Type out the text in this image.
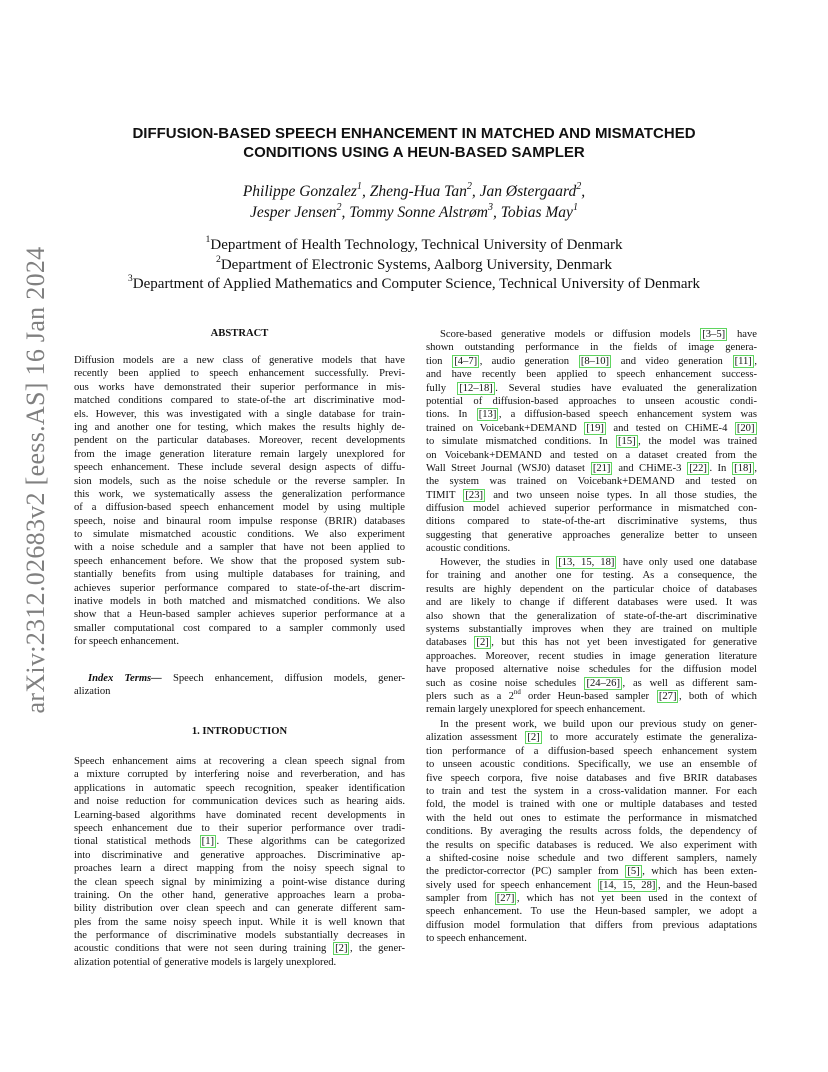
arXiv:2312.02683v2 [eess.AS] 16 Jan 2024
DIFFUSION-BASED SPEECH ENHANCEMENT IN MATCHED AND MISMATCHED
CONDITIONS USING A HEUN-BASED SAMPLER
Philippe Gonzalez$^1$, Zheng-Hua Tan$^2$, Jan Østergaard$^2$,
Jesper Jensen$^2$, Tommy Sonne Alstrøm$^3$, Tobias May$^1$
$^1$Department of Health Technology, Technical University of Denmark
$^2$Department of Electronic Systems, Aalborg University, Denmark
$^3$Department of Applied Mathematics and Computer Science, Technical University of Denmark
ABSTRACT
Diffusion models are a new class of generative models that have
recently been applied to speech enhancement successfully. Previ-
ous works have demonstrated their superior performance in mis-
matched conditions compared to state-of-the art discriminative mod-
els. However, this was investigated with a single database for train-
ing and another one for testing, which makes the results highly de-
pendent on the particular databases. Moreover, recent developments
from the image generation literature remain largely unexplored for
speech enhancement. These include several design aspects of diffu-
sion models, such as the noise schedule or the reverse sampler. In
this work, we systematically assess the generalization performance
of a diffusion-based speech enhancement model by using multiple
speech, noise and binaural room impulse response (BRIR) databases
to simulate mismatched acoustic conditions. We also experiment
with a noise schedule and a sampler that have not been applied to
speech enhancement before. We show that the proposed system sub-
stantially benefits from using multiple databases for training, and
achieves superior performance compared to state-of-the-art discrim-
inative models in both matched and mismatched conditions. We also
show that a Heun-based sampler achieves superior performance at a
smaller computational cost compared to a sampler commonly used
for speech enhancement.
Index Terms— Speech enhancement, diffusion models, gener-
alization
1. INTRODUCTION
Speech enhancement aims at recovering a clean speech signal from
a mixture corrupted by interfering noise and reverberation, and has
applications in automatic speech recognition, speaker identification
and noise reduction for communication devices such as hearing aids.
Learning-based algorithms have dominated recent developments in
speech enhancement due to their superior performance over tradi-
tional statistical methods [1] . These algorithms can be categorized
into discriminative and generative approaches. Discriminative ap-
proaches learn a direct mapping from the noisy speech signal to
the clean speech signal by minimizing a point-wise distance during
training. On the other hand, generative approaches learn a proba-
bility distribution over clean speech and can generate different sam-
ples from the same noisy speech input. While it is well known that
the performance of discriminative models substantially decreases in
acoustic conditions that were not seen during training [2] , the gener-
alization potential of generative models is largely unexplored.
Score-based generative models or diffusion models [3–5] have
shown outstanding performance in the fields of image genera-
tion [4–7] , audio generation [8–10] and video generation [11] ,
and have recently been applied to speech enhancement success-
fully [12–18] . Several studies have evaluated the generalization
potential of diffusion-based approaches to unseen acoustic condi-
tions. In [13] , a diffusion-based speech enhancement system was
trained on Voicebank+DEMAND [19] and tested on CHiME-4 [20]
to simulate mismatched conditions. In [15] , the model was trained
on Voicebank+DEMAND and tested on a dataset created from the
Wall Street Journal (WSJ0) dataset [21] and CHiME-3 [22] . In [18] ,
the system was trained on Voicebank+DEMAND and tested on
TIMIT [23] and two unseen noise types. In all those studies, the
diffusion model achieved superior performance in mismatched con-
ditions compared to state-of-the-art discriminative systems, thus
suggesting that generative approaches generalize better to unseen
acoustic conditions.
However, the studies in [13, 15, 18] have only used one database
for training and another one for testing. As a consequence, the
results are highly dependent on the particular choice of databases
and are likely to change if different databases were used. It was
also shown that the generalization of state-of-the-art discriminative
systems substantially improves when they are trained on multiple
databases [2] , but this has not yet been investigated for generative
approaches. Moreover, recent studies in image generation literature
have proposed alternative noise schedules for the diffusion model
such as cosine noise schedules [24–26] , as well as different sam-
plers such as a 2nd order Heun-based sampler [27] , both of which
remain largely unexplored for speech enhancement.
In the present work, we build upon our previous study on gener-
alization assessment [2] to more accurately estimate the generaliza-
tion performance of a diffusion-based speech enhancement system
to unseen acoustic conditions. Specifically, we use an ensemble of
five speech corpora, five noise databases and five BRIR databases
to train and test the system in a cross-validation manner. For each
fold, the model is trained with one or multiple databases and tested
with the held out ones to estimate the performance in mismatched
conditions. By averaging the results across folds, the dependency of
the results on specific databases is reduced. We also experiment with
a shifted-cosine noise schedule and two different samplers, namely
the predictor-corrector (PC) sampler from [5] , which has been exten-
sively used for speech enhancement [14, 15, 28] , and the Heun-based
sampler from [27] , which has not yet been used in the context of
speech enhancement. To use the Heun-based sampler, we adopt a
diffusion model formulation that differs from previous adaptations
to speech enhancement.
